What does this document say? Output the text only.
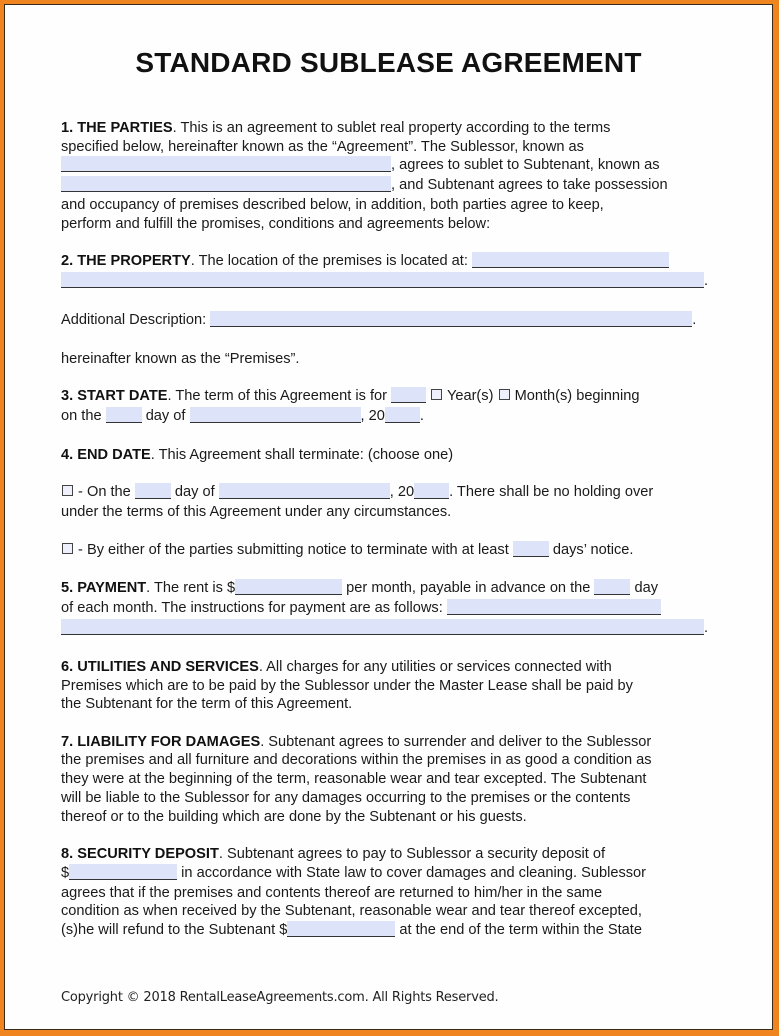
STANDARD SUBLEASE AGREEMENT
1. THE PARTIES. This is an agreement to sublet real property according to the terms
specified below, hereinafter known as the “Agreement”. The Sublessor, known as
, agrees to sublet to Subtenant, known as
, and Subtenant agrees to take possession
and occupancy of premises described below, in addition, both parties agree to keep,
perform and fulfill the promises, conditions and agreements below:
2. THE PROPERTY. The location of the premises is located at:
.
Additional Description:	.
hereinafter known as the “Premises”.
3. START DATE. The term of this Agreement is for	Year(s)  Month(s) beginning
on the  day of	, 20 .
4. END DATE. This Agreement shall terminate: (choose one)
- On the  day of	, 20 . There shall be no holding over
under the terms of this Agreement under any circumstances.
- By either of the parties submitting notice to terminate with at least  days’ notice.
5. PAYMENT. The rent is $	per month, payable in advance on the  day
of each month. The instructions for payment are as follows:
.
6. UTILITIES AND SERVICES. All charges for any utilities or services connected with
Premises which are to be paid by the Sublessor under the Master Lease shall be paid by
the Subtenant for the term of this Agreement.
7. LIABILITY FOR DAMAGES. Subtenant agrees to surrender and deliver to the Sublessor
the premises and all furniture and decorations within the premises in as good a condition as
they were at the beginning of the term, reasonable wear and tear excepted. The Subtenant
will be liable to the Sublessor for any damages occurring to the premises or the contents
thereof or to the building which are done by the Subtenant or his guests.
8. SECURITY DEPOSIT. Subtenant agrees to pay to Sublessor a security deposit of
$	in accordance with State law to cover damages and cleaning. Sublessor
agrees that if the premises and contents thereof are returned to him/her in the same
condition as when received by the Subtenant, reasonable wear and tear thereof excepted,
(s)he will refund to the Subtenant $	at the end of the term within the State
Copyright © 2018 RentalLeaseAgreements.com. All Rights Reserved.
